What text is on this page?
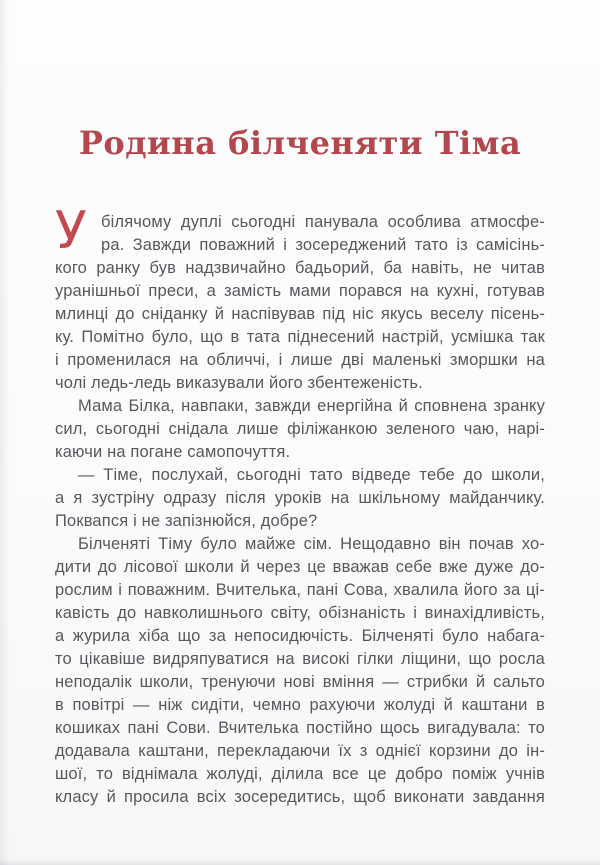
Родина білченяти Тіма
У білячому дуплі сьогодні панувала особлива атмосфе-
ра. Завжди поважний і зосереджений тато із самісінь-
кого ранку був надзвичайно бадьорий, ба навіть, не читав
уранішньої преси, а замість мами порався на кухні, готував
млинці до сніданку й наспівував під ніс якусь веселу пісень-
ку. Помітно було, що в тата піднесений настрій, усмішка так
і променилася на обличчі, і лише дві маленькі зморшки на
чолі ледь-ледь виказували його збентеженість.
Мама Білка, навпаки, завжди енергійна й сповнена зранку
сил, сьогодні снідала лише філіжанкою зеленого чаю, нарі-
каючи на погане самопочуття.
— Тіме, послухай, сьогодні тато відведе тебе до школи,
а я зустріну одразу після уроків на шкільному майданчику.
Поквапся і не запізнюйся, добре?
Білченяті Тіму було майже сім. Нещодавно він почав хо-
дити до лісової школи й через це вважав себе вже дуже до-
рослим і поважним. Вчителька, пані Сова, хвалила його за ці-
кавість до навколишнього світу, обізнаність і винахідливість,
а журила хіба що за непосидючість. Білченяті було набага-
то цікавіше видряпуватися на високі гілки ліщини, що росла
неподалік школи, тренуючи нові вміння — стрибки й сальто
в повітрі — ніж сидіти, чемно рахуючи жолуді й каштани в
кошиках пані Сови. Вчителька постійно щось вигадувала: то
додавала каштани, перекладаючи їх з однієї корзини до ін-
шої, то віднімала жолуді, ділила все це добро поміж учнів
класу й просила всіх зосередитись, щоб виконати завдання
